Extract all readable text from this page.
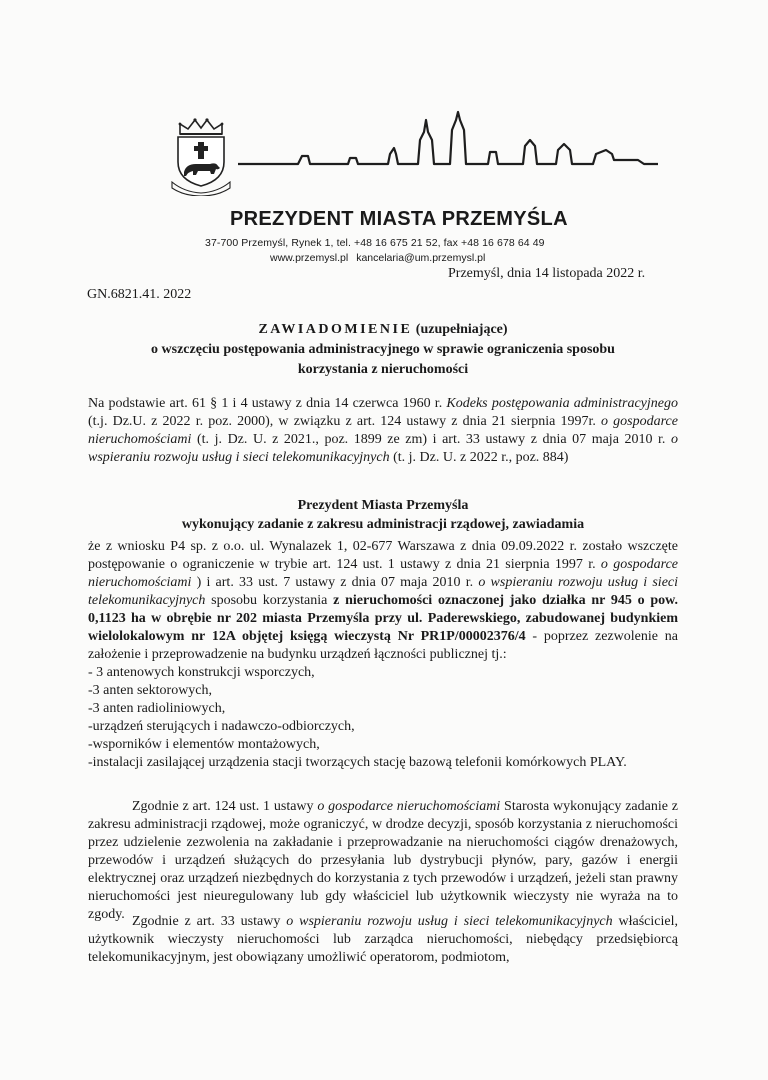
PREZYDENT MIASTA PRZEMYŚLA
37-700 Przemyśl, Rynek 1, tel. +48 16 675 21 52, fax +48 16 678 64 49
www.przemysl.pl kancelaria@um.przemysl.pl
Przemyśl, dnia 14 listopada 2022 r.
GN.6821.41. 2022
ZAWIADOMIENIE (uzupełniające)
o wszczęciu postępowania administracyjnego w sprawie ograniczenia sposobu
korzystania z nieruchomości
Na podstawie art. 61 § 1 i 4 ustawy z dnia 14 czerwca 1960 r. Kodeks postępowania administracyjnego (t.j. Dz.U. z 2022 r. poz. 2000), w związku z art. 124 ustawy z dnia 21 sierpnia 1997r. o gospodarce nieruchomościami (t. j. Dz. U. z 2021., poz. 1899 ze zm) i art. 33 ustawy z dnia 07 maja 2010 r. o wspieraniu rozwoju usług i sieci telekomunikacyjnych (t. j. Dz. U. z 2022 r., poz. 884)
Prezydent Miasta Przemyśla
wykonujący zadanie z zakresu administracji rządowej, zawiadamia
że z wniosku P4 sp. z o.o. ul. Wynalazek 1, 02-677 Warszawa z dnia 09.09.2022 r. zostało wszczęte postępowanie o ograniczenie w trybie art. 124 ust. 1 ustawy z dnia 21 sierpnia 1997 r. o gospodarce nieruchomościami ) i art. 33 ust. 7 ustawy z dnia 07 maja 2010 r. o wspieraniu rozwoju usług i sieci telekomunikacyjnych sposobu korzystania z nieruchomości oznaczonej jako działka nr 945 o pow. 0,1123 ha w obrębie nr 202 miasta Przemyśla przy ul. Paderewskiego, zabudowanej budynkiem wielolokalowym nr 12A objętej księgą wieczystą Nr PR1P/00002376/4 - poprzez zezwolenie na założenie i przeprowadzenie na budynku urządzeń łączności publicznej tj.:
- 3 antenowych konstrukcji wsporczych,
-3 anten sektorowych,
-3 anten radioliniowych,
-urządzeń sterujących i nadawczo-odbiorczych,
-wsporników i elementów montażowych,
-instalacji zasilającej urządzenia stacji tworzących stację bazową telefonii komórkowych PLAY.
Zgodnie z art. 124 ust. 1 ustawy o gospodarce nieruchomościami Starosta wykonujący zadanie z zakresu administracji rządowej, może ograniczyć, w drodze decyzji, sposób korzystania z nieruchomości przez udzielenie zezwolenia na zakładanie i przeprowadzanie na nieruchomości ciągów drenażowych, przewodów i urządzeń służących do przesyłania lub dystrybucji płynów, pary, gazów i energii elektrycznej oraz urządzeń niezbędnych do korzystania z tych przewodów i urządzeń, jeżeli stan prawny nieruchomości jest nieuregulowany lub gdy właściciel lub użytkownik wieczysty nie wyraża na to zgody. Zgodnie z art. 33 ustawy o wspieraniu rozwoju usług i sieci telekomunikacyjnych właściciel, użytkownik wieczysty nieruchomości lub zarządca nieruchomości, niebędący przedsiębiorcą telekomunikacyjnym, jest obowiązany umożliwić operatorom, podmiotom,
